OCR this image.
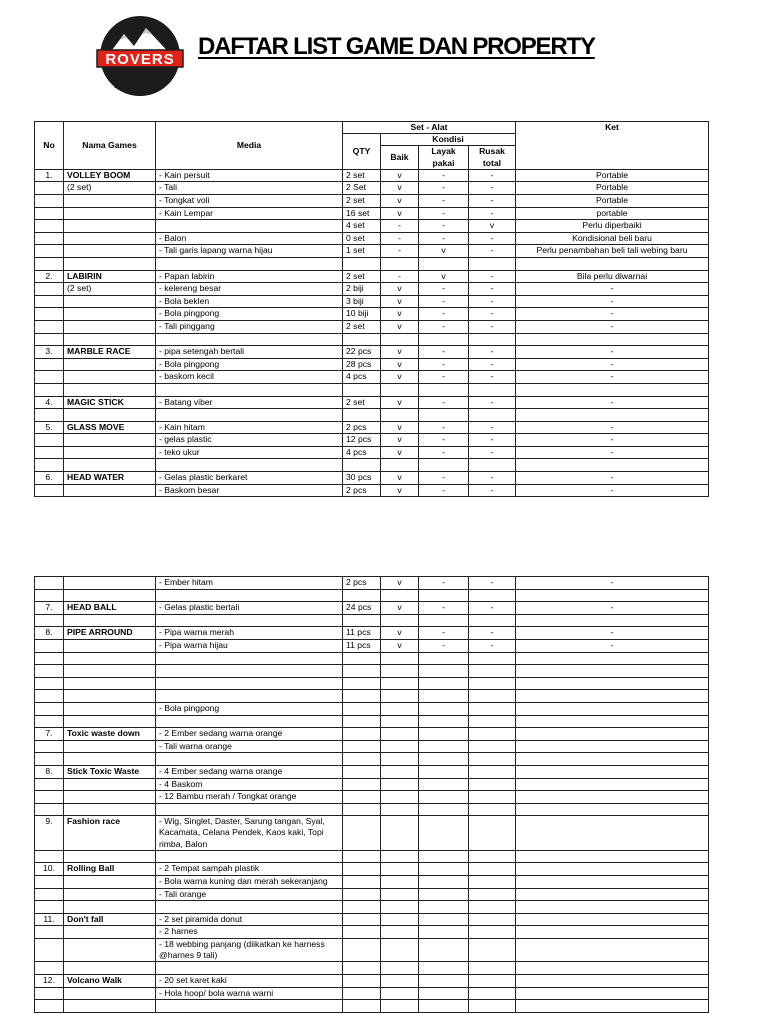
ROVERS
www.rovers.id
DAFTAR LIST GAME DAN PROPERTY
No	Nama Games	Media	Set - Alat				Ket
			QTY	Kondisi			
				Baik	Layak pakai	Rusak total	
1.	VOLLEY BOOM	- Kain persuit	2 set	v	-	-	Portable
	(2 set)	- Tali	2 Set	v	-	-	Portable
		- Tongkat voli	2 set	v	-	-	Portable
		- Kain Lempar	16 set	v	-	-	portable
			4 set	-	-	v	Perlu diperbaiki
		- Balon	0 set	-	-	-	Kondisional beli baru
		- Tali garis lapang warna hijau	1 set	-	v	-	Perlu penambahan beli tali webing baru

2.	LABIRIN	- Papan labirin	2 set	-	v	-	Bila perlu diwarnai
	(2 set)	- kelereng besar	2 biji	v	-	-	-
		- Bola beklen	3 biji	v	-	-	-
		- Bola pingpong	10 biji	v	-	-	-
		- Tali pinggang	2 set	v	-	-	-

3.	MARBLE RACE	- pipa setengah bertali	22 pcs	v	-	-	-
		- Bola pingpong	28 pcs	v	-	-	-
		- baskom kecil	4 pcs	v	-	-	-

4.	MAGIC STICK	- Batang viber	2 set	v	-	-	-

5.	GLASS MOVE	- Kain hitam	2 pcs	v	-	-	-
		- gelas plastic	12 pcs	v	-	-	-
		- teko ukur	4 pcs	v	-	-	-

6.	HEAD WATER	- Gelas plastic berkaret	30 pcs	v	-	-	-
		- Baskom besar	2 pcs	v	-	-	-
		- Ember hitam	2 pcs	v	-	-	-

7.	HEAD BALL	- Gelas plastic bertali	24 pcs	v	-	-	-

8.	PIPE ARROUND	- Pipa warna merah	11 pcs	v	-	-	-
		- Pipa warna hijau	11 pcs	v	-	-	-

		- Bola pingpong					

7.	Toxic waste down	- 2 Ember sedang warna orange					
		- Tali warna orange					

8.	Stick Toxic Waste	- 4 Ember sedang warna orange					
		- 4 Baskom					
		- 12 Bambu merah / Tongkat orange					

9.	Fashion race	- Wig, Singlet, Daster, Sarung tangan, Syal, Kacamata, Celana Pendek, Kaos kaki, Topi rimba, Balon					

10.	Rolling Ball	- 2 Tempat sampah plastik					
		- Bola warna kuning dan merah sekeranjang					
		- Tali orange					

11.	Don't fall	- 2 set piramida donut					
		- 2 harnes					
		- 18 webbing panjang (diikatkan ke harness @harnes 9 tali)					

12.	Volcano Walk	- 20 set karet kaki					
		- Hola hoop/ bola warna warni					
